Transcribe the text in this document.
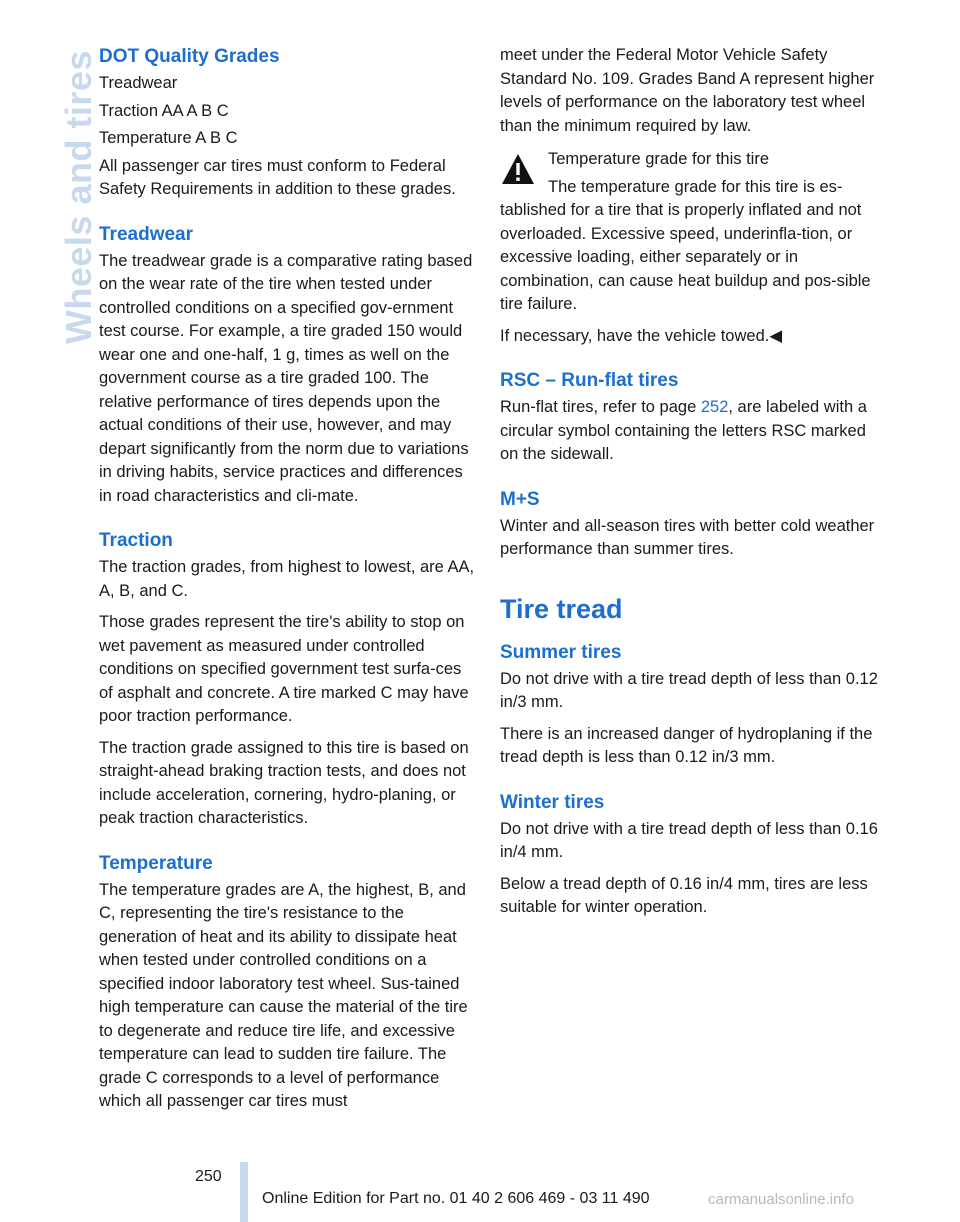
Wheels and tires DOT Quality Grades

Treadwear

Traction AA A B C

Temperature A B C

All passenger car tires must conform to Federal Safety Requirements in addition to these grades.

Treadwear

The treadwear grade is a comparative rating based on the wear rate of the tire when tested under controlled conditions on a specified gov-ernment test course. For example, a tire graded 150 would wear one and one-half, 1 g, times as well on the government course as a tire graded 100. The relative performance of tires depends upon the actual conditions of their use, however, and may depart significantly from the norm due to variations in driving habits, service practices and differences in road characteristics and cli-mate.

Traction

The traction grades, from highest to lowest, are AA, A, B, and C.

Those grades represent the tire's ability to stop on wet pavement as measured under controlled conditions on specified government test surfa-ces of asphalt and concrete. A tire marked C may have poor traction performance.

The traction grade assigned to this tire is based on straight-ahead braking traction tests, and does not include acceleration, cornering, hydro-planing, or peak traction characteristics.

Temperature

The temperature grades are A, the highest, B, and C, representing the tire's resistance to the generation of heat and its ability to dissipate heat when tested under controlled conditions on a specified indoor laboratory test wheel. Sus-tained high temperature can cause the material of the tire to degenerate and reduce tire life, and excessive temperature can lead to sudden tire failure. The grade C corresponds to a level of performance which all passenger car tires must

meet under the Federal Motor Vehicle Safety Standard No. 109. Grades Band A represent higher levels of performance on the laboratory test wheel than the minimum required by law.

Temperature grade for this tire

The temperature grade for this tire is es-tablished for a tire that is properly inflated and not overloaded. Excessive speed, underinfla-tion, or excessive loading, either separately or in combination, can cause heat buildup and pos-sible tire failure.

If necessary, have the vehicle towed.◀

RSC – Run-flat tires

Run-flat tires, refer to page 252, are labeled with a circular symbol containing the letters RSC marked on the sidewall.

M+S

Winter and all-season tires with better cold weather performance than summer tires.

Tire tread
Summer tires

Do not drive with a tire tread depth of less than 0.12 in/3 mm.

There is an increased danger of hydroplaning if the tread depth is less than 0.12 in/3 mm.

Winter tires

Do not drive with a tire tread depth of less than 0.16 in/4 mm.

Below a tread depth of 0.16 in/4 mm, tires are less suitable for winter operation.

250
Online Edition for Part no. 01 40 2 606 469 - 03 11 490	carmanualsonline.info
